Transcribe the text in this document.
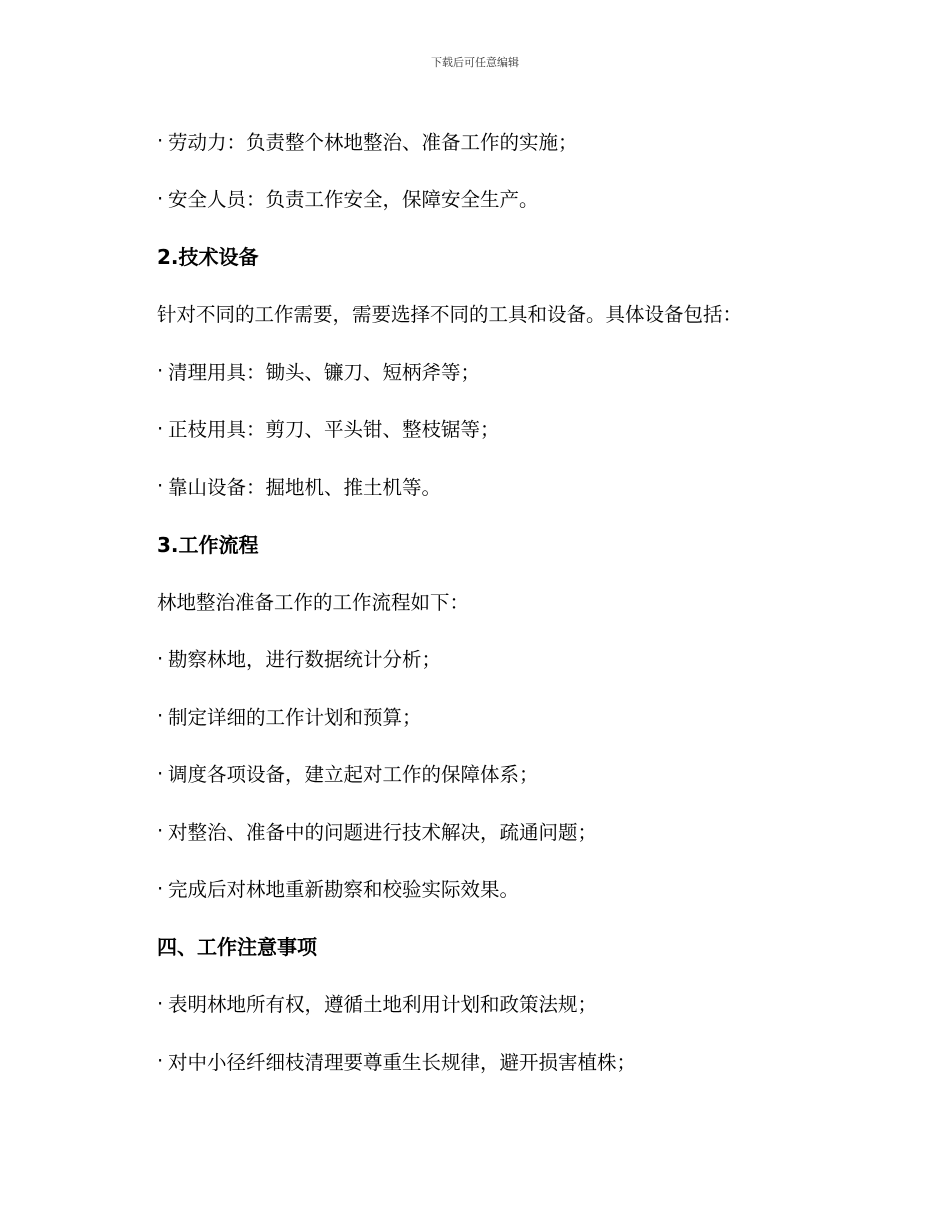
下载后可任意编辑
· 劳动力：负责整个林地整治、准备工作的实施；
· 安全人员：负责工作安全，保障安全生产。
2.技术设备
针对不同的工作需要，需要选择不同的工具和设备。具体设备包括：
· 清理用具：锄头、镰刀、短柄斧等；
· 正枝用具：剪刀、平头钳、整枝锯等；
· 靠山设备：掘地机、推土机等。
3.工作流程
林地整治准备工作的工作流程如下：
· 勘察林地，进行数据统计分析；
· 制定详细的工作计划和预算；
· 调度各项设备，建立起对工作的保障体系；
· 对整治、准备中的问题进行技术解决，疏通问题；
· 完成后对林地重新勘察和校验实际效果。
四、工作注意事项
· 表明林地所有权，遵循土地利用计划和政策法规；
· 对中小径纤细枝清理要尊重生长规律，避开损害植株；
